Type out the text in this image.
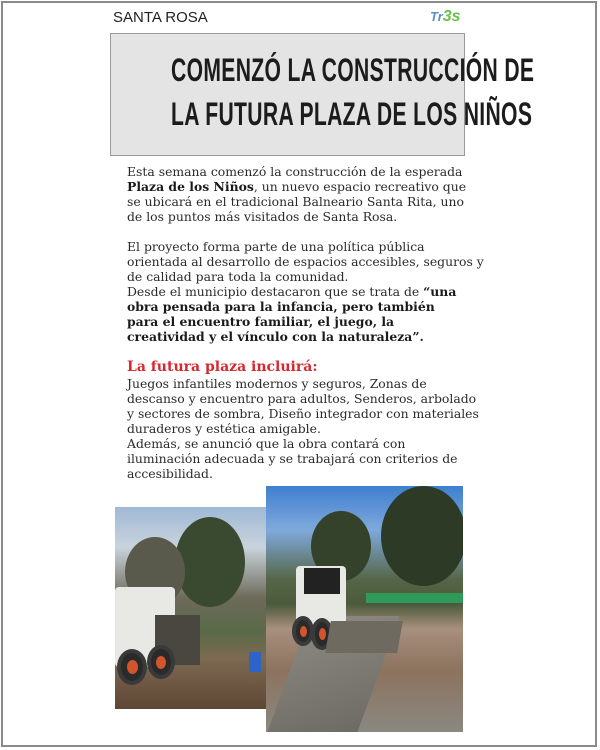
SANTA ROSA	Tr3s
COMENZÓ LA CONSTRUCCIÓN DE
LA FUTURA PLAZA DE LOS NIÑOS
Esta semana comenzó la construcción de la esperada
Plaza de los Niños, un nuevo espacio recreativo que
se ubicará en el tradicional Balneario Santa Rita, uno
de los puntos más visitados de Santa Rosa.
El proyecto forma parte de una política pública
orientada al desarrollo de espacios accesibles, seguros y
de calidad para toda la comunidad.
Desde el municipio destacaron que se trata de “una
obra pensada para la infancia, pero también
para el encuentro familiar, el juego, la
creatividad y el vínculo con la naturaleza”.
La futura plaza incluirá:
Juegos infantiles modernos y seguros, Zonas de
descanso y encuentro para adultos, Senderos, arbolado
y sectores de sombra, Diseño integrador con materiales
duraderos y estética amigable.
Además, se anunció que la obra contará con
iluminación adecuada y se trabajará con criterios de
accesibilidad.
